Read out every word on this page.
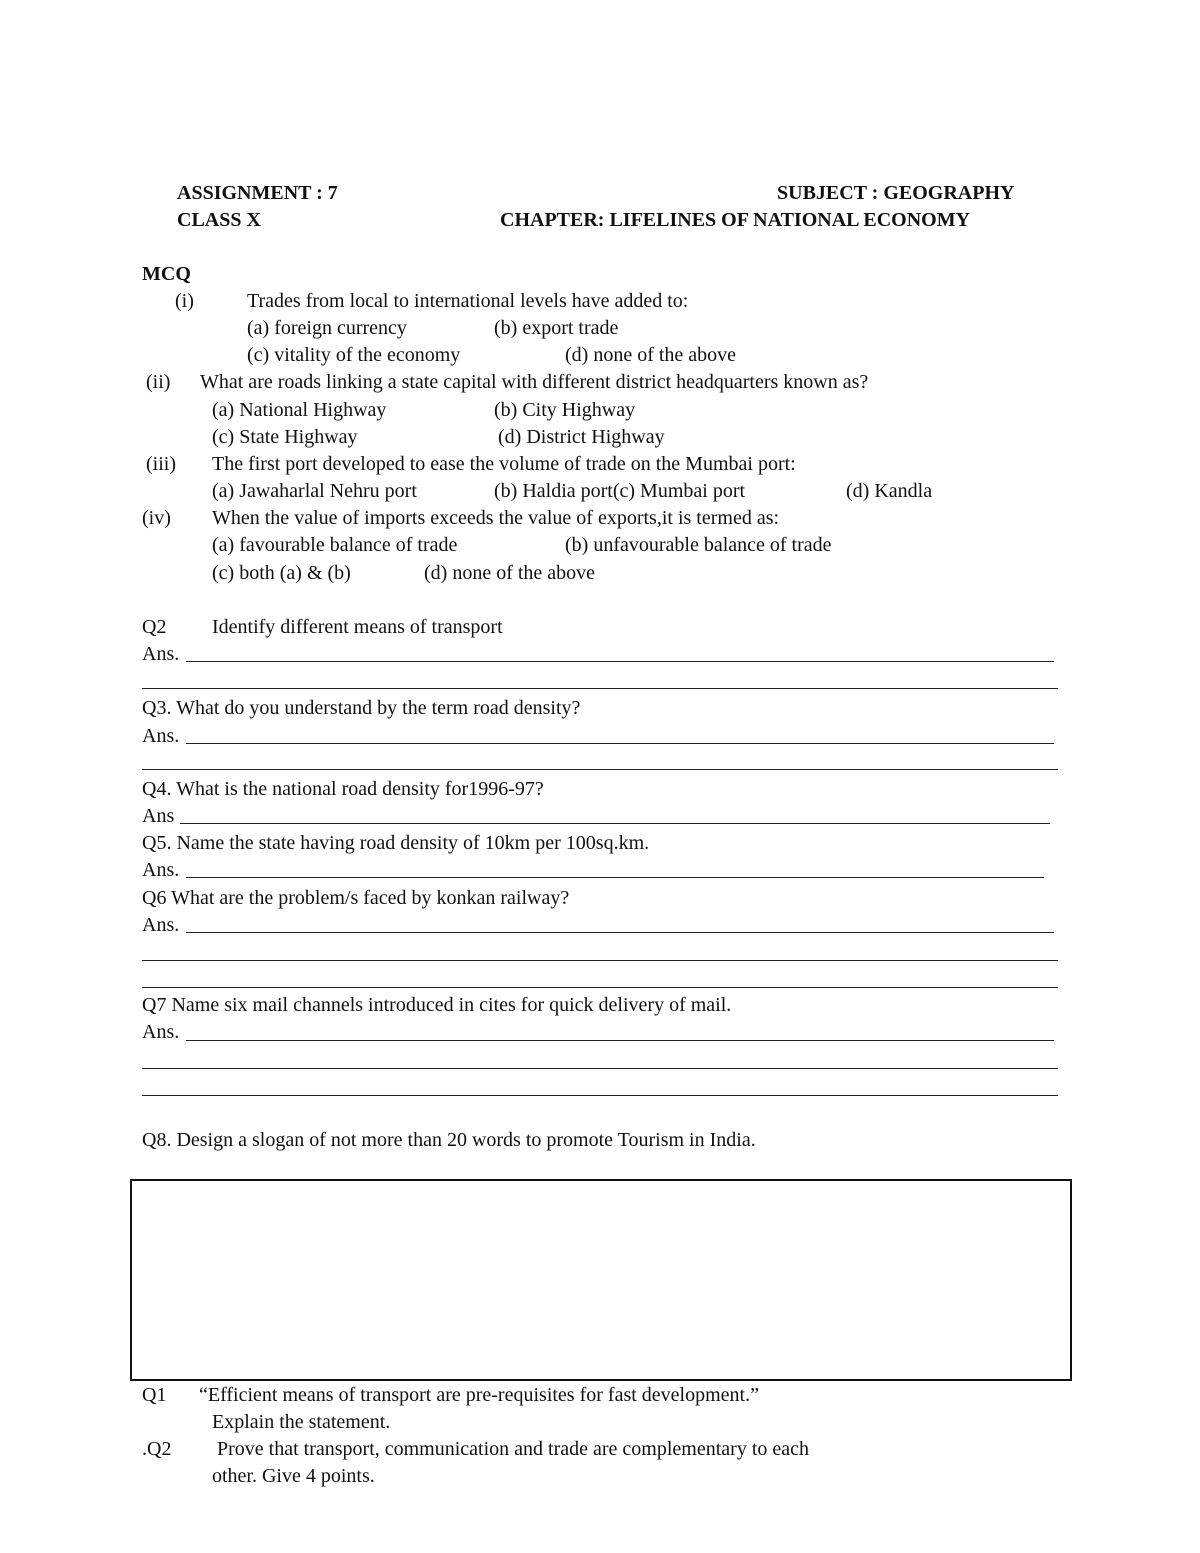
ASSIGNMENT : 7	SUBJECT : GEOGRAPHY
CLASS X	CHAPTER: LIFELINES OF NATIONAL ECONOMY
MCQ
(i)	Trades from local to international levels have added to:
(a) foreign currency	(b) export trade
(c) vitality of the economy	(d) none of the above
(ii) What are roads linking a state capital with different district headquarters known as?
(a) National Highway	(b) City Highway
(c) State Highway	(d) District Highway
(iii) The first port developed to ease the volume of trade on the Mumbai port:
(a) Jawaharlal Nehru port	(b) Haldia port(c) Mumbai port	(d) Kandla
(iv) When the value of imports exceeds the value of exports,it is termed as:
(a) favourable balance of trade	(b) unfavourable balance of trade
(c) both (a) & (b)	(d) none of the above
Q2 Identify different means of transport
Ans.
Q3. What do you understand by the term road density?
Ans.
Q4. What is the national road density for1996-97?
Ans
Q5. Name the state having road density of 10km per 100sq.km.
Ans.
Q6 What are the problem/s faced by konkan railway?
Ans.
Q7 Name six mail channels introduced in cites for quick delivery of mail.
Ans.
Q8. Design a slogan of not more than 20 words to promote Tourism in India.
Q1 “Efficient means of transport are pre-requisites for fast development.”
Explain the statement.
.Q2 Prove that transport, communication and trade are complementary to each
other. Give 4 points.
